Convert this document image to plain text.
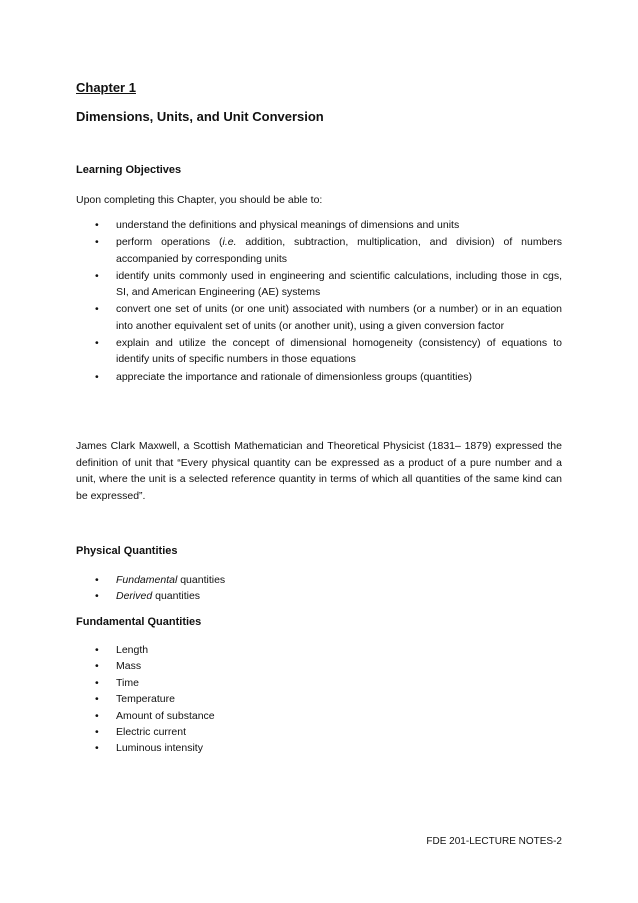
Chapter 1
Dimensions, Units, and Unit Conversion
Learning Objectives

Upon completing this Chapter, you should be able to:

• understand the definitions and physical meanings of dimensions and units
• perform operations (i.e. addition, subtraction, multiplication, and division) of numbers accompanied by corresponding units
• identify units commonly used in engineering and scientific calculations, including those in cgs, SI, and American Engineering (AE) systems
• convert one set of units (or one unit) associated with numbers (or a number) or in an equation into another equivalent set of units (or another unit), using a given conversion factor
• explain and utilize the concept of dimensional homogeneity (consistency) of equations to identify units of specific numbers in those equations
• appreciate the importance and rationale of dimensionless groups (quantities)

James Clark Maxwell, a Scottish Mathematician and Theoretical Physicist (1831– 1879) expressed the definition of unit that “Every physical quantity can be expressed as a product of a pure number and a unit, where the unit is a selected reference quantity in terms of which all quantities of the same kind can be expressed”.

Physical Quantities
• Fundamental quantities
• Derived quantities
Fundamental Quantities
• Length
• Mass
• Time
• Temperature
• Amount of substance
• Electric current
• Luminous intensity

FDE 201-LECTURE NOTES-2
